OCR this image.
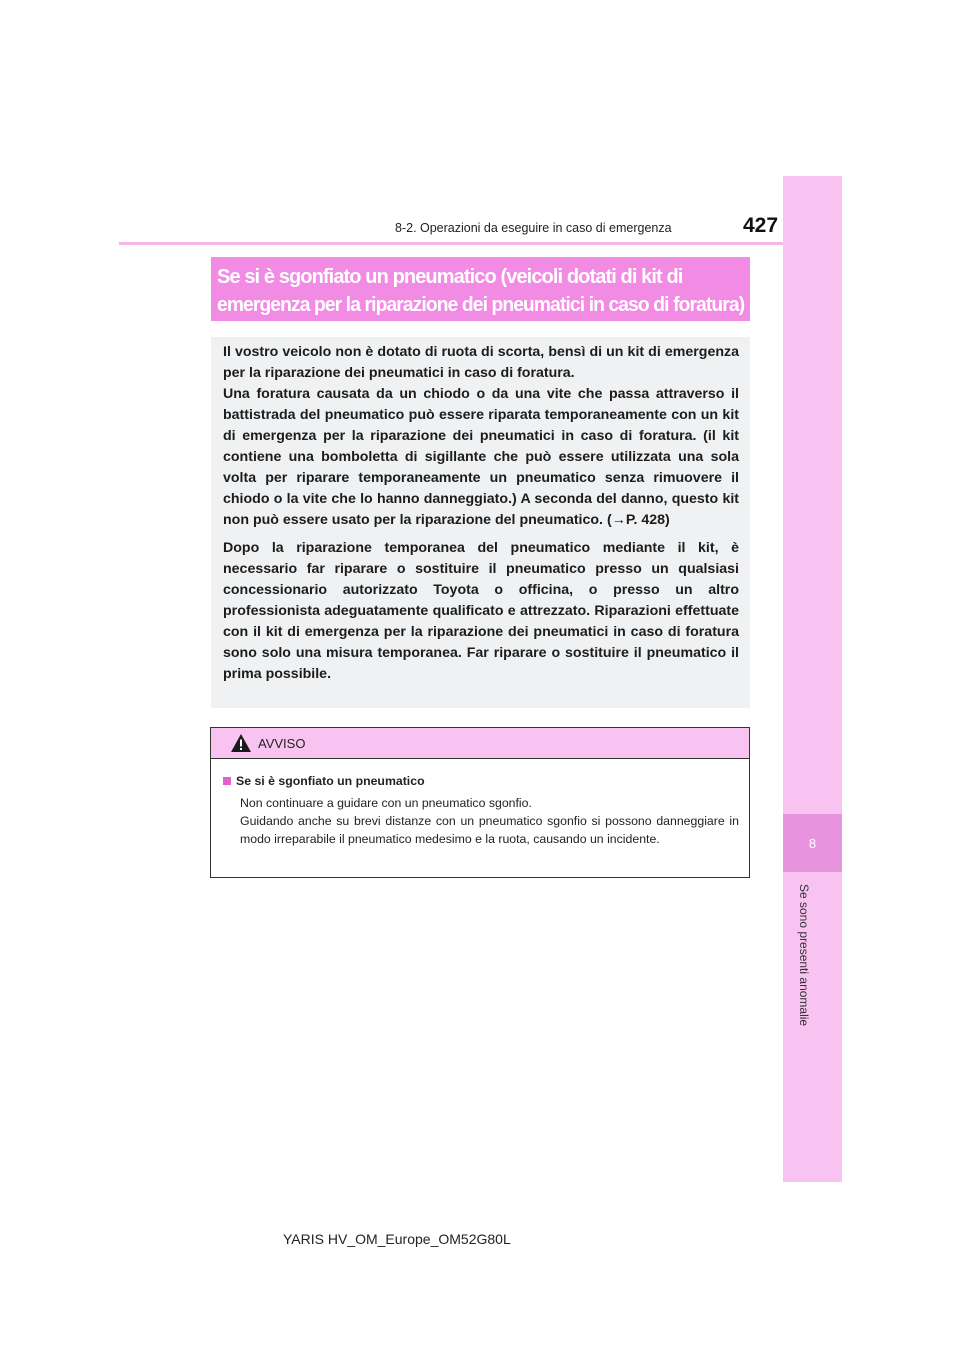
8-2. Operazioni da eseguire in caso di emergenza	427
8
Se sono presenti anomalie
Se si è sgonfiato un pneumatico (veicoli dotati di kit di
emergenza per la riparazione dei pneumatici in caso di foratura)

Il vostro veicolo non è dotato di ruota di scorta, bensì di un kit di emergenza per la riparazione dei pneumatici in caso di foratura.

Una foratura causata da un chiodo o da una vite che passa attraverso il battistrada del pneumatico può essere riparata temporaneamente con un kit di emergenza per la riparazione dei pneumatici in caso di foratura. (il kit contiene una bomboletta di sigillante che può essere utilizzata una sola volta per riparare temporaneamente un pneumatico senza rimuovere il chiodo o la vite che lo hanno danneggiato.) A seconda del danno, questo kit non può essere usato per la riparazione del pneumatico. (→P. 428)

Dopo la riparazione temporanea del pneumatico mediante il kit, è necessario far riparare o sostituire il pneumatico presso un qualsiasi concessionario autorizzato Toyota o officina, o presso un altro professionista adeguatamente qualificato e attrezzato. Riparazioni effettuate con il kit di emergenza per la riparazione dei pneumatici in caso di foratura sono solo una misura temporanea. Far riparare o sostituire il pneumatico il prima possibile.

AVVISO
Se si è sgonfiato un pneumatico
Non continuare a guidare con un pneumatico sgonfio.
Guidando anche su brevi distanze con un pneumatico sgonfio si possono danneggiare in modo irreparabile il pneumatico medesimo e la ruota, causando un incidente.
YARIS HV_OM_Europe_OM52G80L
